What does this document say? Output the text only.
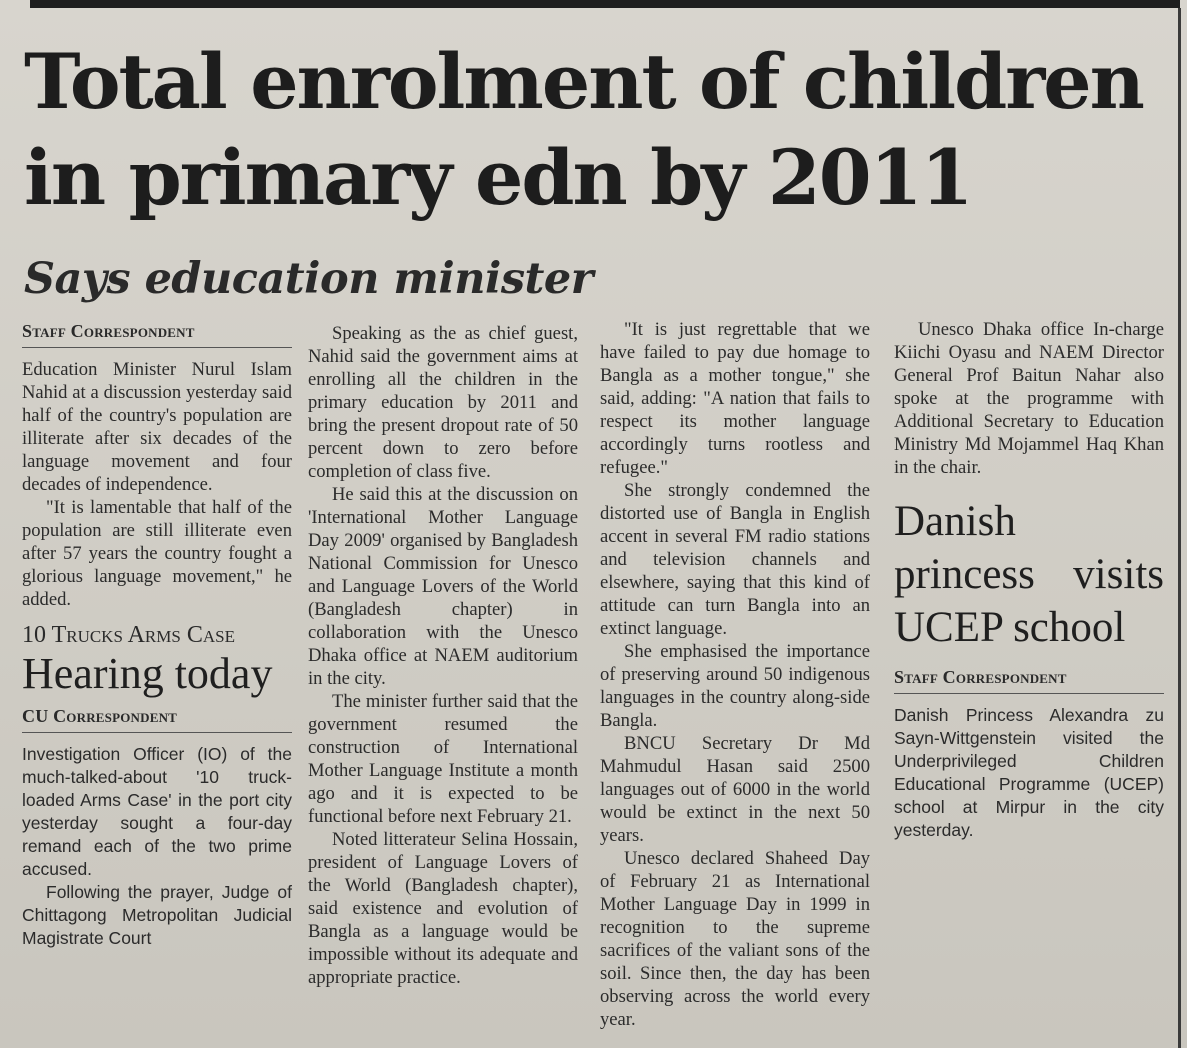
Total enrolment of children
in primary edn by 2011
Says education minister
Staff Correspondent

Education Minister Nurul Islam Nahid at a discussion yesterday said half of the country's population are illiterate after six decades of the language movement and four decades of independence.

"It is lamentable that half of the population are still illiterate even after 57 years the country fought a glorious language movement," he added.

10 Trucks Arms Case
Hearing today
CU Correspondent

Investigation Officer (IO) of the much-talked-about '10 truck-loaded Arms Case' in the port city yesterday sought a four-day remand each of the two prime accused.

Following the prayer, Judge of Chittagong Metropolitan Judicial Magistrate Court

Speaking as the as chief guest, Nahid said the government aims at enrolling all the children in the primary education by 2011 and bring the present dropout rate of 50 percent down to zero before completion of class five.

He said this at the discussion on 'International Mother Language Day 2009' organised by Bangladesh National Commission for Unesco and Language Lovers of the World (Bangladesh chapter) in collaboration with the Unesco Dhaka office at NAEM auditorium in the city.

The minister further said that the government resumed the construction of International Mother Language Institute a month ago and it is expected to be functional before next February 21.

Noted litterateur Selina Hossain, president of Language Lovers of the World (Bangladesh chapter), said existence and evolution of Bangla as a language would be impossible without its adequate and appropriate practice.

"It is just regrettable that we have failed to pay due homage to Bangla as a mother tongue," she said, adding: "A nation that fails to respect its mother language accordingly turns rootless and refugee."

She strongly condemned the distorted use of Bangla in English accent in several FM radio stations and television channels and elsewhere, saying that this kind of attitude can turn Bangla into an extinct language.

She emphasised the importance of preserving around 50 indigenous languages in the country along-side Bangla.

BNCU Secretary Dr Md Mahmudul Hasan said 2500 languages out of 6000 in the world would be extinct in the next 50 years.

Unesco declared Shaheed Day of February 21 as International Mother Language Day in 1999 in recognition to the supreme sacrifices of the valiant sons of the soil. Since then, the day has been observing across the world every year.

Unesco Dhaka office In-charge Kiichi Oyasu and NAEM Director General Prof Baitun Nahar also spoke at the programme with Additional Secretary to Education Ministry Md Mojammel Haq Khan in the chair.

Danish princess visits UCEP school
Staff Correspondent

Danish Princess Alexandra zu Sayn-Wittgenstein visited the Underprivileged Children Educational Programme (UCEP) school at Mirpur in the city yesterday.
